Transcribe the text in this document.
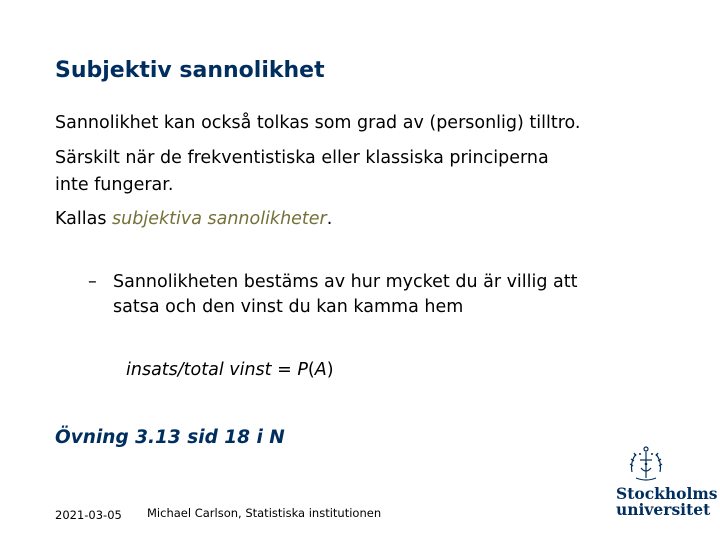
Subjektiv sannolikhet

Sannolikhet kan också tolkas som grad av (personlig) tilltro.

Särskilt när de frekventistiska eller klassiska principerna
inte fungerar.

Kallas subjektiva sannolikheter.

– Sannolikheten bestäms av hur mycket du är villig att
satsa och den vinst du kan kamma hem
insats/total vinst = P(A)
Övning 3.13 sid 18 i N
2021-03-05 Michael Carlson, Statistiska institutionen
Stockholms
universitet
